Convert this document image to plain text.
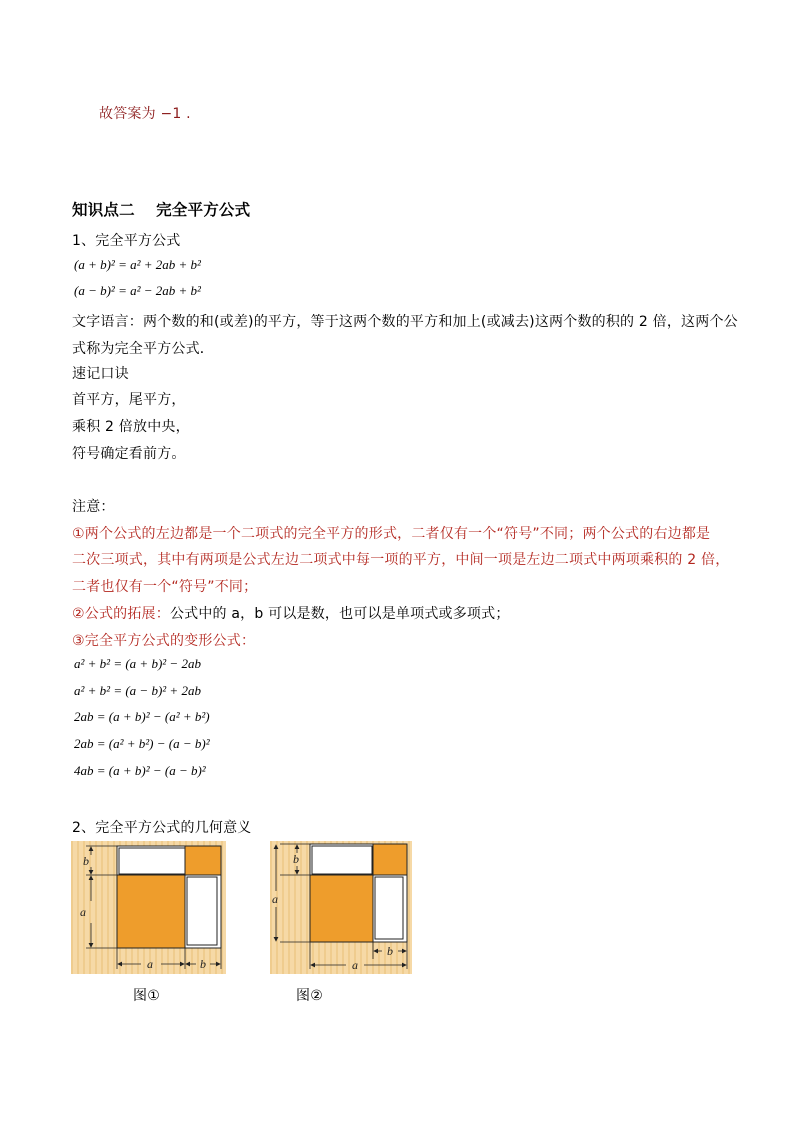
故答案为 −1 .
知识点二　 完全平方公式
1、完全平方公式
(a + b)² = a² + 2ab + b²
(a − b)² = a² − 2ab + b²
文字语言：两个数的和(或差)的平方，等于这两个数的平方和加上(或减去)这两个数的积的 2 倍，这两个公
式称为完全平方公式．
速记口诀
首平方，尾平方，
乘积 2 倍放中央，
符号确定看前方。
注意：
①两个公式的左边都是一个二项式的完全平方的形式，二者仅有一个“符号”不同；两个公式的右边都是
二次三项式，其中有两项是公式左边二项式中每一项的平方，中间一项是左边二项式中两项乘积的 2 倍，
二者也仅有一个“符号”不同；
②公式的拓展：公式中的 a，b 可以是数，也可以是单项式或多项式；
③完全平方公式的变形公式：
a² + b² = (a + b)² − 2ab
a² + b² = (a − b)² + 2ab
2ab = (a + b)² − (a² + b²)
2ab = (a² + b²) − (a − b)²
4ab = (a + b)² − (a − b)²
2、完全平方公式的几何意义
b
a
a	b
图①
b
a
b
a
图②
